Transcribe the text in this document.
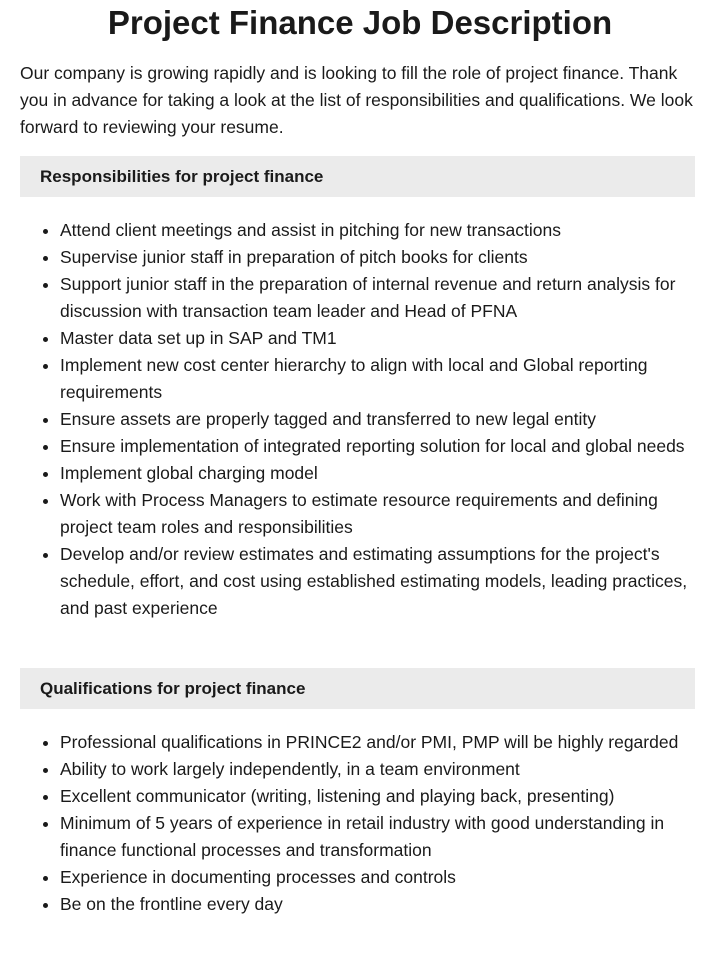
Project Finance Job Description

Our company is growing rapidly and is looking to fill the role of project finance. Thank you in advance for taking a look at the list of responsibilities and qualifications. We look forward to reviewing your resume.

Responsibilities for project finance
• Attend client meetings and assist in pitching for new transactions
• Supervise junior staff in preparation of pitch books for clients
• Support junior staff in the preparation of internal revenue and return analysis for discussion with transaction team leader and Head of PFNA
• Master data set up in SAP and TM1
• Implement new cost center hierarchy to align with local and Global reporting requirements
• Ensure assets are properly tagged and transferred to new legal entity
• Ensure implementation of integrated reporting solution for local and global needs
• Implement global charging model
• Work with Process Managers to estimate resource requirements and defining project team roles and responsibilities
• Develop and/or review estimates and estimating assumptions for the project's schedule, effort, and cost using established estimating models, leading practices, and past experience
Qualifications for project finance
• Professional qualifications in PRINCE2 and/or PMI, PMP will be highly regarded
• Ability to work largely independently, in a team environment
• Excellent communicator (writing, listening and playing back, presenting)
• Minimum of 5 years of experience in retail industry with good understanding in finance functional processes and transformation
• Experience in documenting processes and controls
• Be on the frontline every day
